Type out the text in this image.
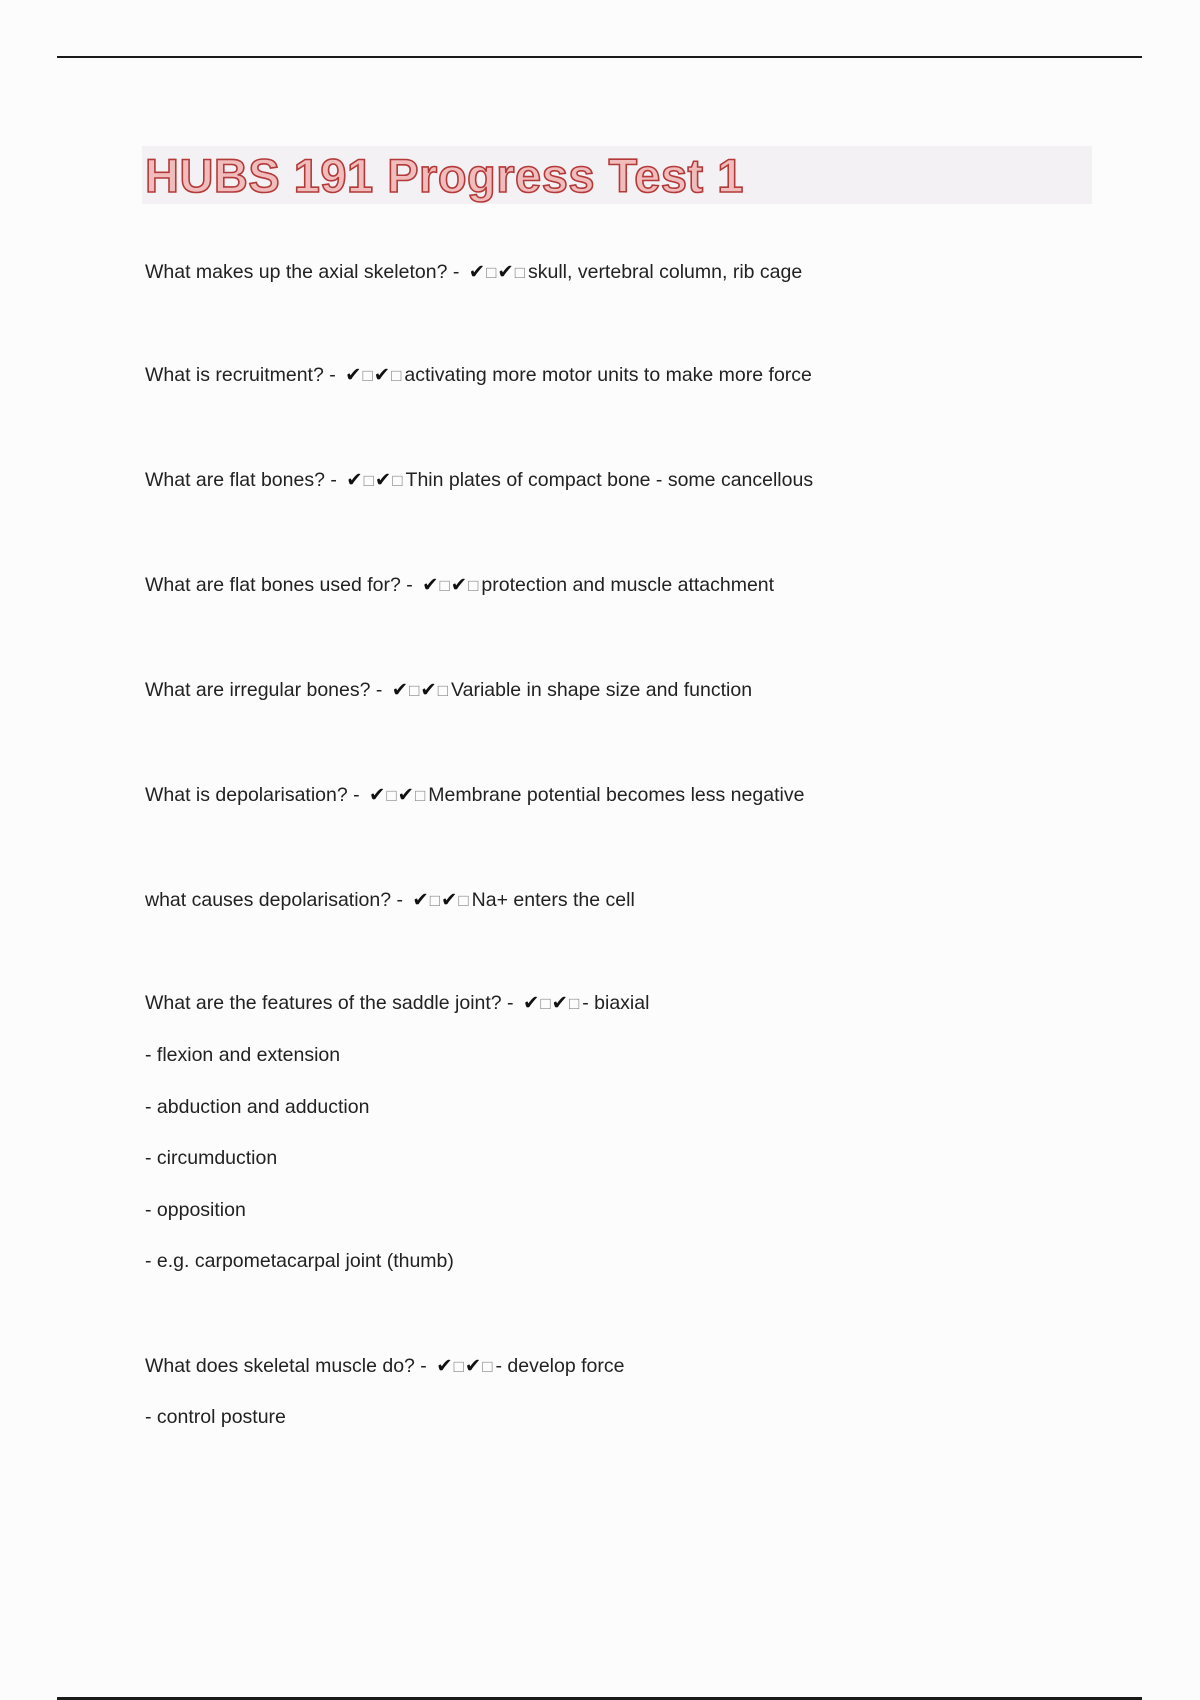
HUBS 191 Progress Test 1

What makes up the axial skeleton? - ✔□✔□ skull, vertebral column, rib cage

What is recruitment? - ✔□✔□ activating more motor units to make more force

What are flat bones? - ✔□✔□ Thin plates of compact bone - some cancellous

What are flat bones used for? - ✔□✔□ protection and muscle attachment

What are irregular bones? - ✔□✔□ Variable in shape size and function

What is depolarisation? - ✔□✔□ Membrane potential becomes less negative

what causes depolarisation? - ✔□✔□ Na+ enters the cell

What are the features of the saddle joint? - ✔□✔□ - biaxial

- flexion and extension

- abduction and adduction

- circumduction

- opposition

- e.g. carpometacarpal joint (thumb)

What does skeletal muscle do? - ✔□✔□ - develop force

- control posture
